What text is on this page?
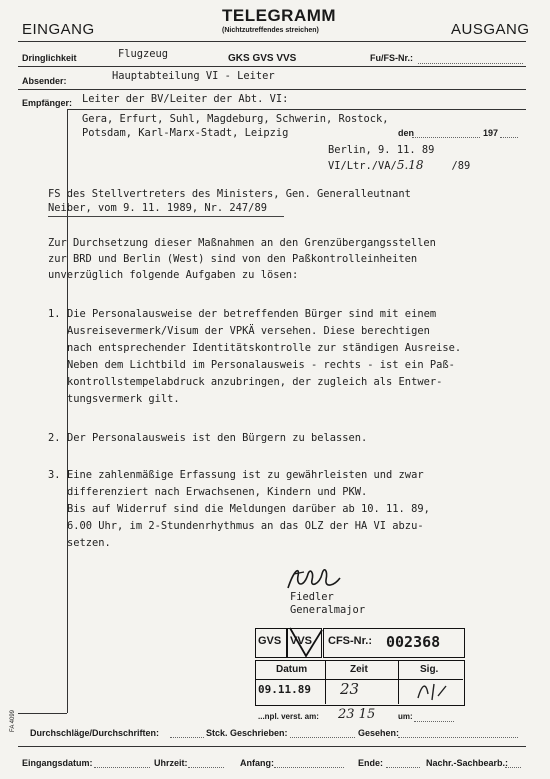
EINGANG
TELEGRAMM
(Nichtzutreffendes streichen)	AUSGANG
Dringlichkeit	Flugzeug	GKS GVS VVS	Fu/FS-Nr.:
Absender:	Hauptabteilung VI - Leiter
Empfänger: Leiter der BV/Leiter der Abt. VI:
Gera, Erfurt, Suhl, Magdeburg, Schwerin, Rostock,
Potsdam, Karl-Marx-Stadt, Leipzig	den	197
Berlin, 9. 11. 89
VI/Ltr./VA/5.18	/89
FS des Stellvertreters des Ministers, Gen. Generalleutnant
Neiber, vom 9. 11. 1989, Nr. 247/89
Zur Durchsetzung dieser Maßnahmen an den Grenzübergangsstellen
zur BRD und Berlin (West) sind von den Paßkontrolleinheiten
unverzüglich folgende Aufgaben zu lösen:
1. Die Personalausweise der betreffenden Bürger sind mit einem
Ausreisevermerk/Visum der VPKÄ versehen. Diese berechtigen
nach entsprechender Identitätskontrolle zur ständigen Ausreise.
Neben dem Lichtbild im Personalausweis - rechts - ist ein Paß-
kontrollstempelabdruck anzubringen, der zugleich als Entwer-
tungsvermerk gilt.
2. Der Personalausweis ist den Bürgern zu belassen.
3. Eine zahlenmäßige Erfassung ist zu gewährleisten und zwar
differenziert nach Erwachsenen, Kindern und PKW.
Bis auf Widerruf sind die Meldungen darüber ab 10. 11. 89,
6.00 Uhr, im 2-Stundenrhythmus an das OLZ der HA VI abzu-
setzen.
Fiedler
Generalmajor
GVS VVS CFS-Nr.: 002368
Datum	Zeit	Sig.
09.11.89 23
...npl. verst. am: 23 15	um:
Durchschläge/Durchschriften:	Stck. Geschrieben:	Gesehen:
FA 4099
Eingangsdatum:	Uhrzeit:	Anfang:	Ende:	Nachr.-Sachbearb.:
